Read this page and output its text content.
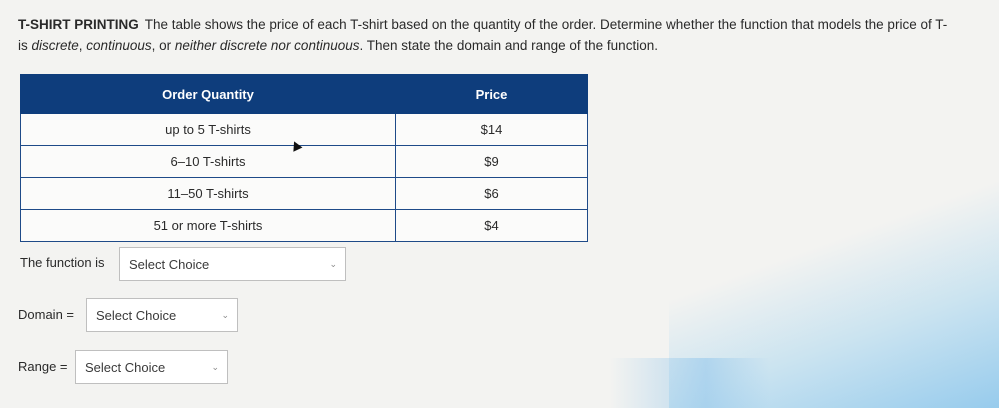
T-SHIRT PRINTING The table shows the price of each T-shirt based on the quantity of the order. Determine whether the function that models the price of T-
is discrete, continuous, or neither discrete nor continuous. Then state the domain and range of the function.
Order Quantity	Price
up to 5 T-shirts	$14
6–10 T-shirts	$9
11–50 T-shirts	$6
51 or more T-shirts	$4
The function is Select Choice	⌄
Domain = Select Choice	⌄
Range = Select Choice	⌄
